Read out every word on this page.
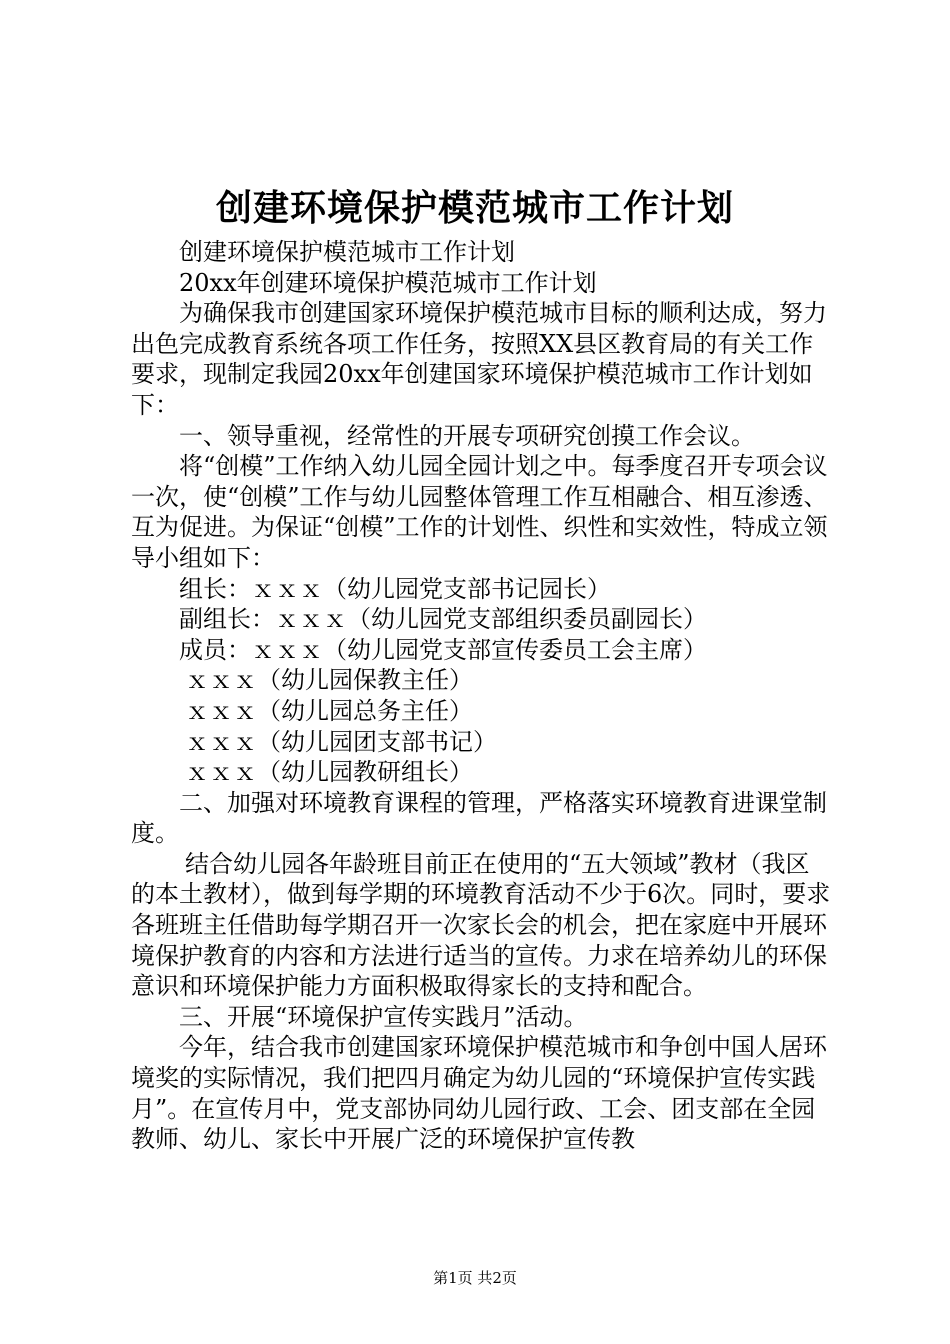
创建环境保护模范城市工作计划

创建环境保护模范城市工作计划

20xx年创建环境保护模范城市工作计划

为确保我市创建国家环境保护模范城市目标的顺利达成，努力出色完成教育系统各项工作任务，按照XX县区教育局的有关工作要求，现制定我园20xx年创建国家环境保护模范城市工作计划如下：

一、领导重视，经常性的开展专项研究创摸工作会议。

将“创模”工作纳入幼儿园全园计划之中。每季度召开专项会议一次，使“创模”工作与幼儿园整体管理工作互相融合、相互渗透、互为促进。为保证“创模”工作的计划性、织性和实效性，特成立领导小组如下：

组长：ｘｘｘ（幼儿园党支部书记园长）

副组长：ｘｘｘ（幼儿园党支部组织委员副园长）

成员：ｘｘｘ（幼儿园党支部宣传委员工会主席）

ｘｘｘ（幼儿园保教主任）

ｘｘｘ（幼儿园总务主任）

ｘｘｘ（幼儿园团支部书记）

ｘｘｘ（幼儿园教研组长）

二、加强对环境教育课程的管理，严格落实环境教育进课堂制度。

结合幼儿园各年龄班目前正在使用的“五大领域”教材（我区的本土教材），做到每学期的环境教育活动不少于6次。同时，要求各班班主任借助每学期召开一次家长会的机会，把在家庭中开展环境保护教育的内容和方法进行适当的宣传。力求在培养幼儿的环保意识和环境保护能力方面积极取得家长的支持和配合。

三、开展“环境保护宣传实践月”活动。

今年，结合我市创建国家环境保护模范城市和争创中国人居环境奖的实际情况，我们把四月确定为幼儿园的“环境保护宣传实践月”。在宣传月中，党支部协同幼儿园行政、工会、团支部在全园教师、幼儿、家长中开展广泛的环境保护宣传教

第1页 共2页
